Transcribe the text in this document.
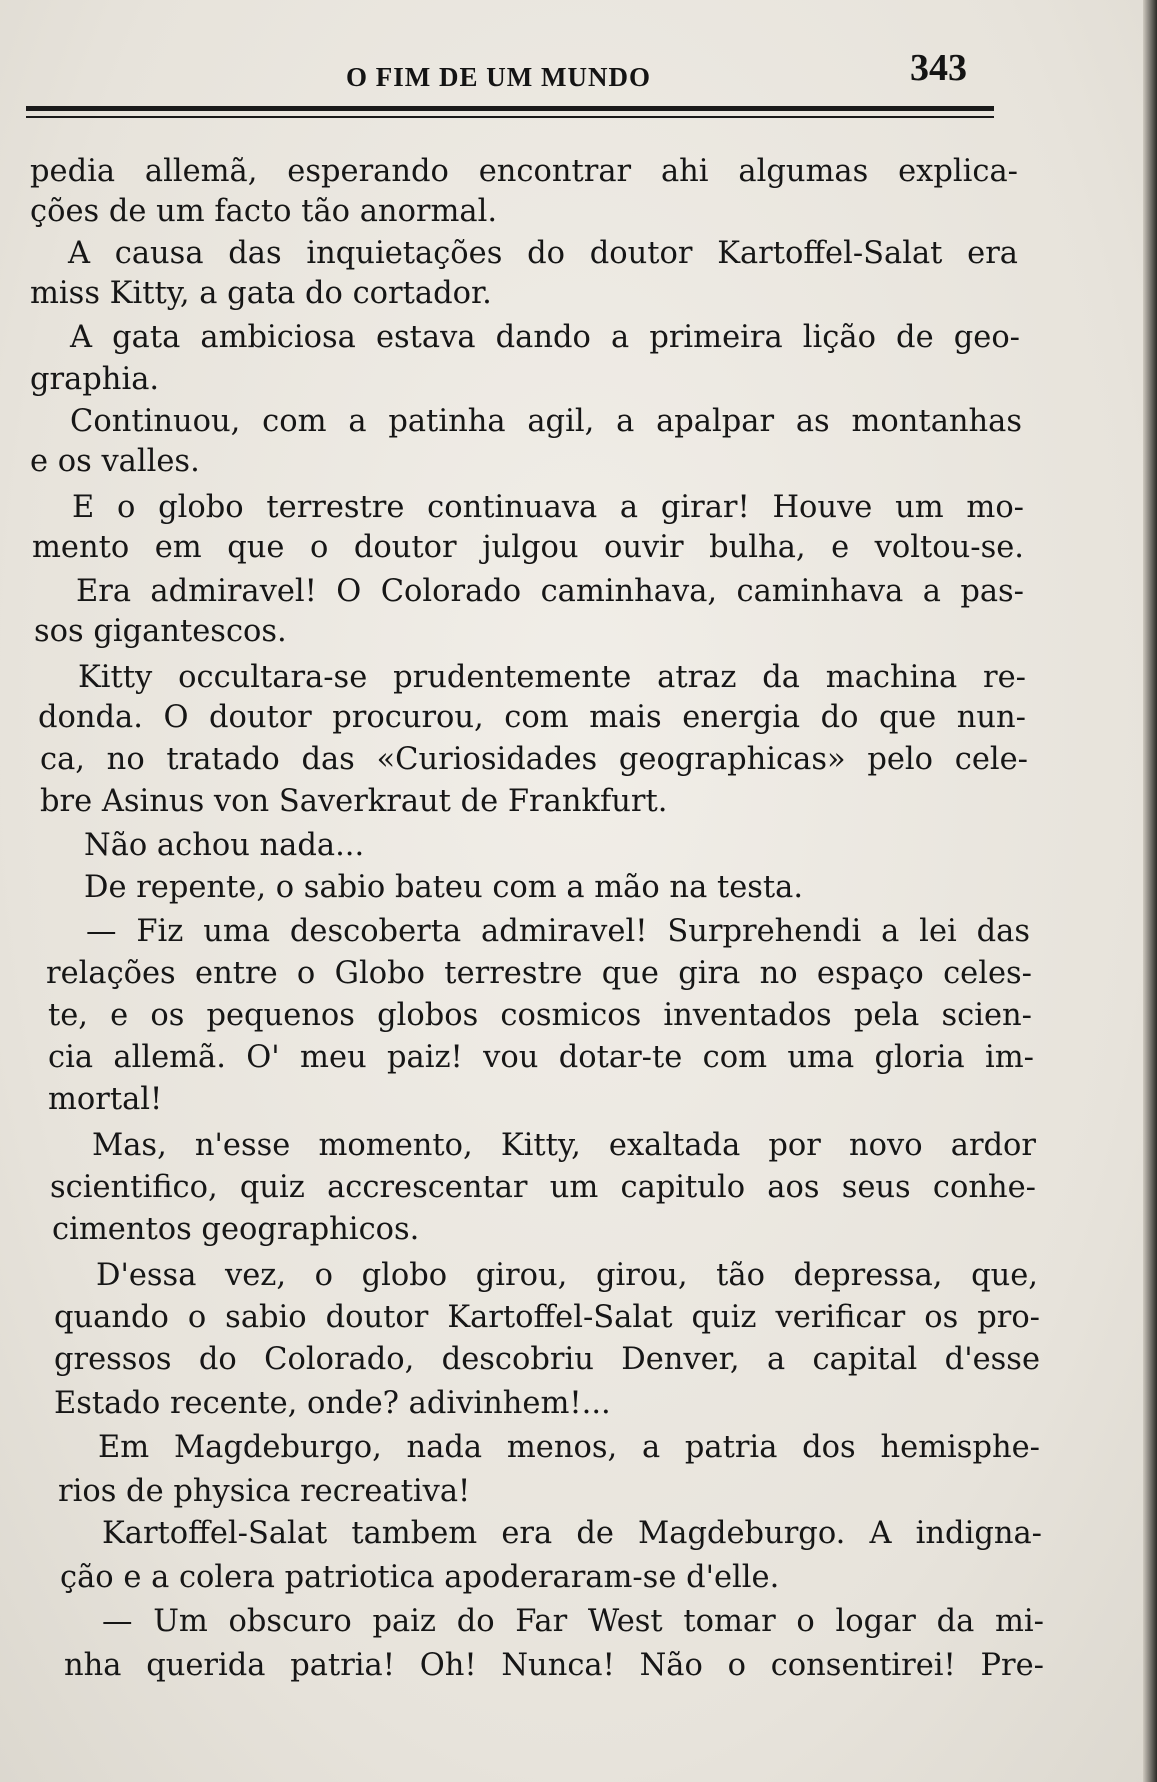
O FIM DE UM MUNDO	343
pedia allemã, esperando encontrar ahi algumas explica-
ções de um facto tão anormal.
A causa das inquietações do doutor Kartoffel-Salat era
miss Kitty, a gata do cortador.
A gata ambiciosa estava dando a primeira lição de geo-
graphia.
Continuou, com a patinha agil, a apalpar as montanhas
e os valles.
E o globo terrestre continuava a girar! Houve um mo-
mento em que o doutor julgou ouvir bulha, e voltou-se.
Era admiravel! O Colorado caminhava, caminhava a pas-
sos gigantescos.
Kitty occultara-se prudentemente atraz da machina re-
donda. O doutor procurou, com mais energia do que nun-
ca, no tratado das «Curiosidades geographicas» pelo cele-
bre Asinus von Saverkraut de Frankfurt.
Não achou nada...
De repente, o sabio bateu com a mão na testa.
— Fiz uma descoberta admiravel! Surprehendi a lei das
relações entre o Globo terrestre que gira no espaço celes-
te, e os pequenos globos cosmicos inventados pela scien-
cia allemã. O' meu paiz! vou dotar-te com uma gloria im-
mortal!
Mas, n'esse momento, Kitty, exaltada por novo ardor
scientifico, quiz accrescentar um capitulo aos seus conhe-
cimentos geographicos.
D'essa vez, o globo girou, girou, tão depressa, que,
quando o sabio doutor Kartoffel-Salat quiz verificar os pro-
gressos do Colorado, descobriu Denver, a capital d'esse
Estado recente, onde? adivinhem!...
Em Magdeburgo, nada menos, a patria dos hemisphe-
rios de physica recreativa!
Kartoffel-Salat tambem era de Magdeburgo. A indigna-
ção e a colera patriotica apoderaram-se d'elle.
— Um obscuro paiz do Far West tomar o logar da mi-
nha querida patria! Oh! Nunca! Não o consentirei! Pre-
